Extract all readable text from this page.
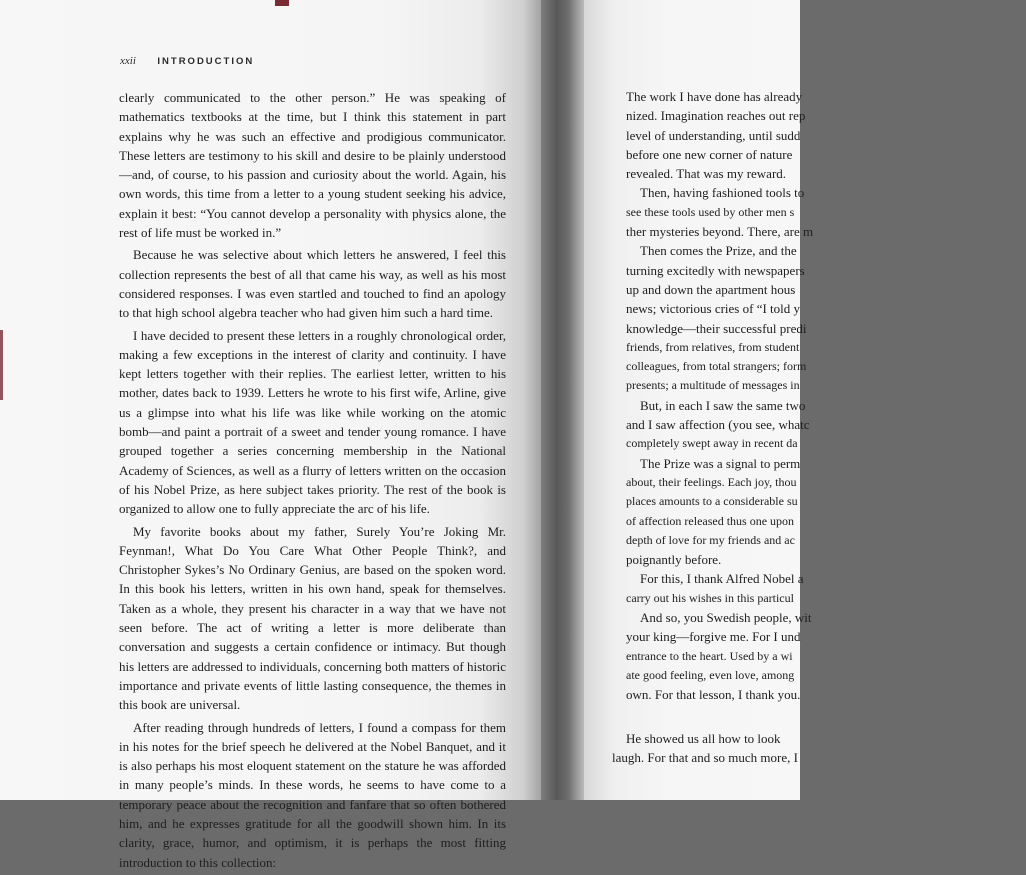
xxii INTRODUCTION

clearly communicated to the other person.” He was speaking of mathematics textbooks at the time, but I think this statement in part explains why he was such an effective and prodigious communicator. These letters are testimony to his skill and desire to be plainly understood—and, of course, to his passion and curiosity about the world. Again, his own words, this time from a letter to a young student seeking his advice, explain it best: “You cannot develop a personality with physics alone, the rest of life must be worked in.”

Because he was selective about which letters he answered, I feel this collection represents the best of all that came his way, as well as his most considered responses. I was even startled and touched to find an apology to that high school algebra teacher who had given him such a hard time.

I have decided to present these letters in a roughly chronological order, making a few exceptions in the interest of clarity and continuity. I have kept letters together with their replies. The earliest letter, written to his mother, dates back to 1939. Letters he wrote to his first wife, Arline, give us a glimpse into what his life was like while working on the atomic bomb—and paint a portrait of a sweet and tender young romance. I have grouped together a series concerning membership in the National Academy of Sciences, as well as a flurry of letters written on the occasion of his Nobel Prize, as here subject takes priority. The rest of the book is organized to allow one to fully appreciate the arc of his life.

My favorite books about my father, Surely You’re Joking Mr. Feynman!, What Do You Care What Other People Think?, and Christopher Sykes’s No Ordinary Genius, are based on the spoken word. In this book his letters, written in his own hand, speak for themselves. Taken as a whole, they present his character in a way that we have not seen before. The act of writing a letter is more deliberate than conversation and suggests a certain confidence or intimacy. But though his letters are addressed to individuals, concerning both matters of historic importance and private events of little lasting consequence, the themes in this book are universal.

After reading through hundreds of letters, I found a compass for them in his notes for the brief speech he delivered at the Nobel Banquet, and it is also perhaps his most eloquent statement on the stature he was afforded in many people’s minds. In these words, he seems to have come to a temporary peace about the recognition and fanfare that so often bothered him, and he expresses gratitude for all the goodwill shown him. In its clarity, grace, humor, and optimism, it is perhaps the most fitting introduction to this collection:

The work I have done has already
nized. Imagination reaches out rep
level of understanding, until sudd
before one new corner of nature
revealed. That was my reward.
Then, having fashioned tools to
see these tools used by other men s
ther mysteries beyond. There, are m
Then comes the Prize, and the
turning excitedly with newspapers
up and down the apartment hous
news; victorious cries of “I told y
knowledge—their successful predi
friends, from relatives, from student
colleagues, from total strangers; form
presents; a multitude of messages in
But, in each I saw the same two
and I saw affection (you see, whatc
completely swept away in recent da
The Prize was a signal to perm
about, their feelings. Each joy, thou
places amounts to a considerable su
of affection released thus one upon
depth of love for my friends and ac
poignantly before.
For this, I thank Alfred Nobel a
carry out his wishes in this particul
And so, you Swedish people, wit
your king—forgive me. For I und
entrance to the heart. Used by a wi
ate good feeling, even love, among
own. For that lesson, I thank you.
He showed us all how to look
laugh. For that and so much more, I
